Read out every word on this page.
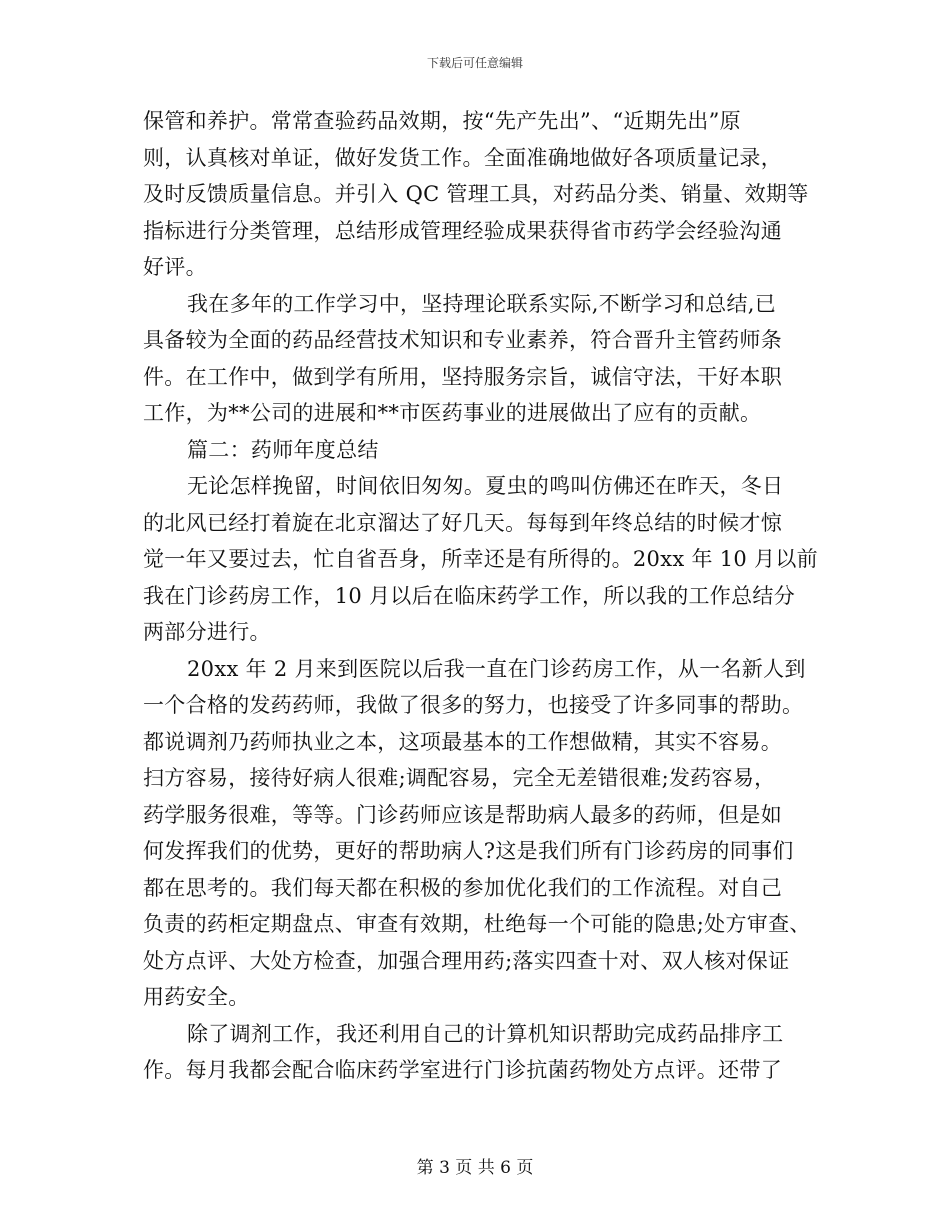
下载后可任意编辑
保管和养护。常常查验药品效期，按“先产先出”、“近期先出”原
则，认真核对单证，做好发货工作。全面准确地做好各项质量记录，
及时反馈质量信息。并引入 QC 管理工具，对药品分类、销量、效期等
指标进行分类管理，总结形成管理经验成果获得省市药学会经验沟通
好评。
我在多年的工作学习中，坚持理论联系实际,不断学习和总结,已
具备较为全面的药品经营技术知识和专业素养，符合晋升主管药师条
件。在工作中，做到学有所用，坚持服务宗旨，诚信守法，干好本职
工作，为**公司的进展和**市医药事业的进展做出了应有的贡献。
篇二：药师年度总结
无论怎样挽留，时间依旧匆匆。夏虫的鸣叫仿佛还在昨天，冬日
的北风已经打着旋在北京溜达了好几天。每每到年终总结的时候才惊
觉一年又要过去，忙自省吾身，所幸还是有所得的。20xx 年 10 月以前
我在门诊药房工作，10 月以后在临床药学工作，所以我的工作总结分
两部分进行。
20xx 年 2 月来到医院以后我一直在门诊药房工作，从一名新人到
一个合格的发药药师，我做了很多的努力，也接受了许多同事的帮助。
都说调剂乃药师执业之本，这项最基本的工作想做精，其实不容易。
扫方容易，接待好病人很难;调配容易，完全无差错很难;发药容易，
药学服务很难，等等。门诊药师应该是帮助病人最多的药师，但是如
何发挥我们的优势，更好的帮助病人?这是我们所有门诊药房的同事们
都在思考的。我们每天都在积极的参加优化我们的工作流程。对自己
负责的药柜定期盘点、审查有效期，杜绝每一个可能的隐患;处方审查、
处方点评、大处方检查，加强合理用药;落实四查十对、双人核对保证
用药安全。
除了调剂工作，我还利用自己的计算机知识帮助完成药品排序工
作。每月我都会配合临床药学室进行门诊抗菌药物处方点评。还带了
第 3 页 共 6 页
